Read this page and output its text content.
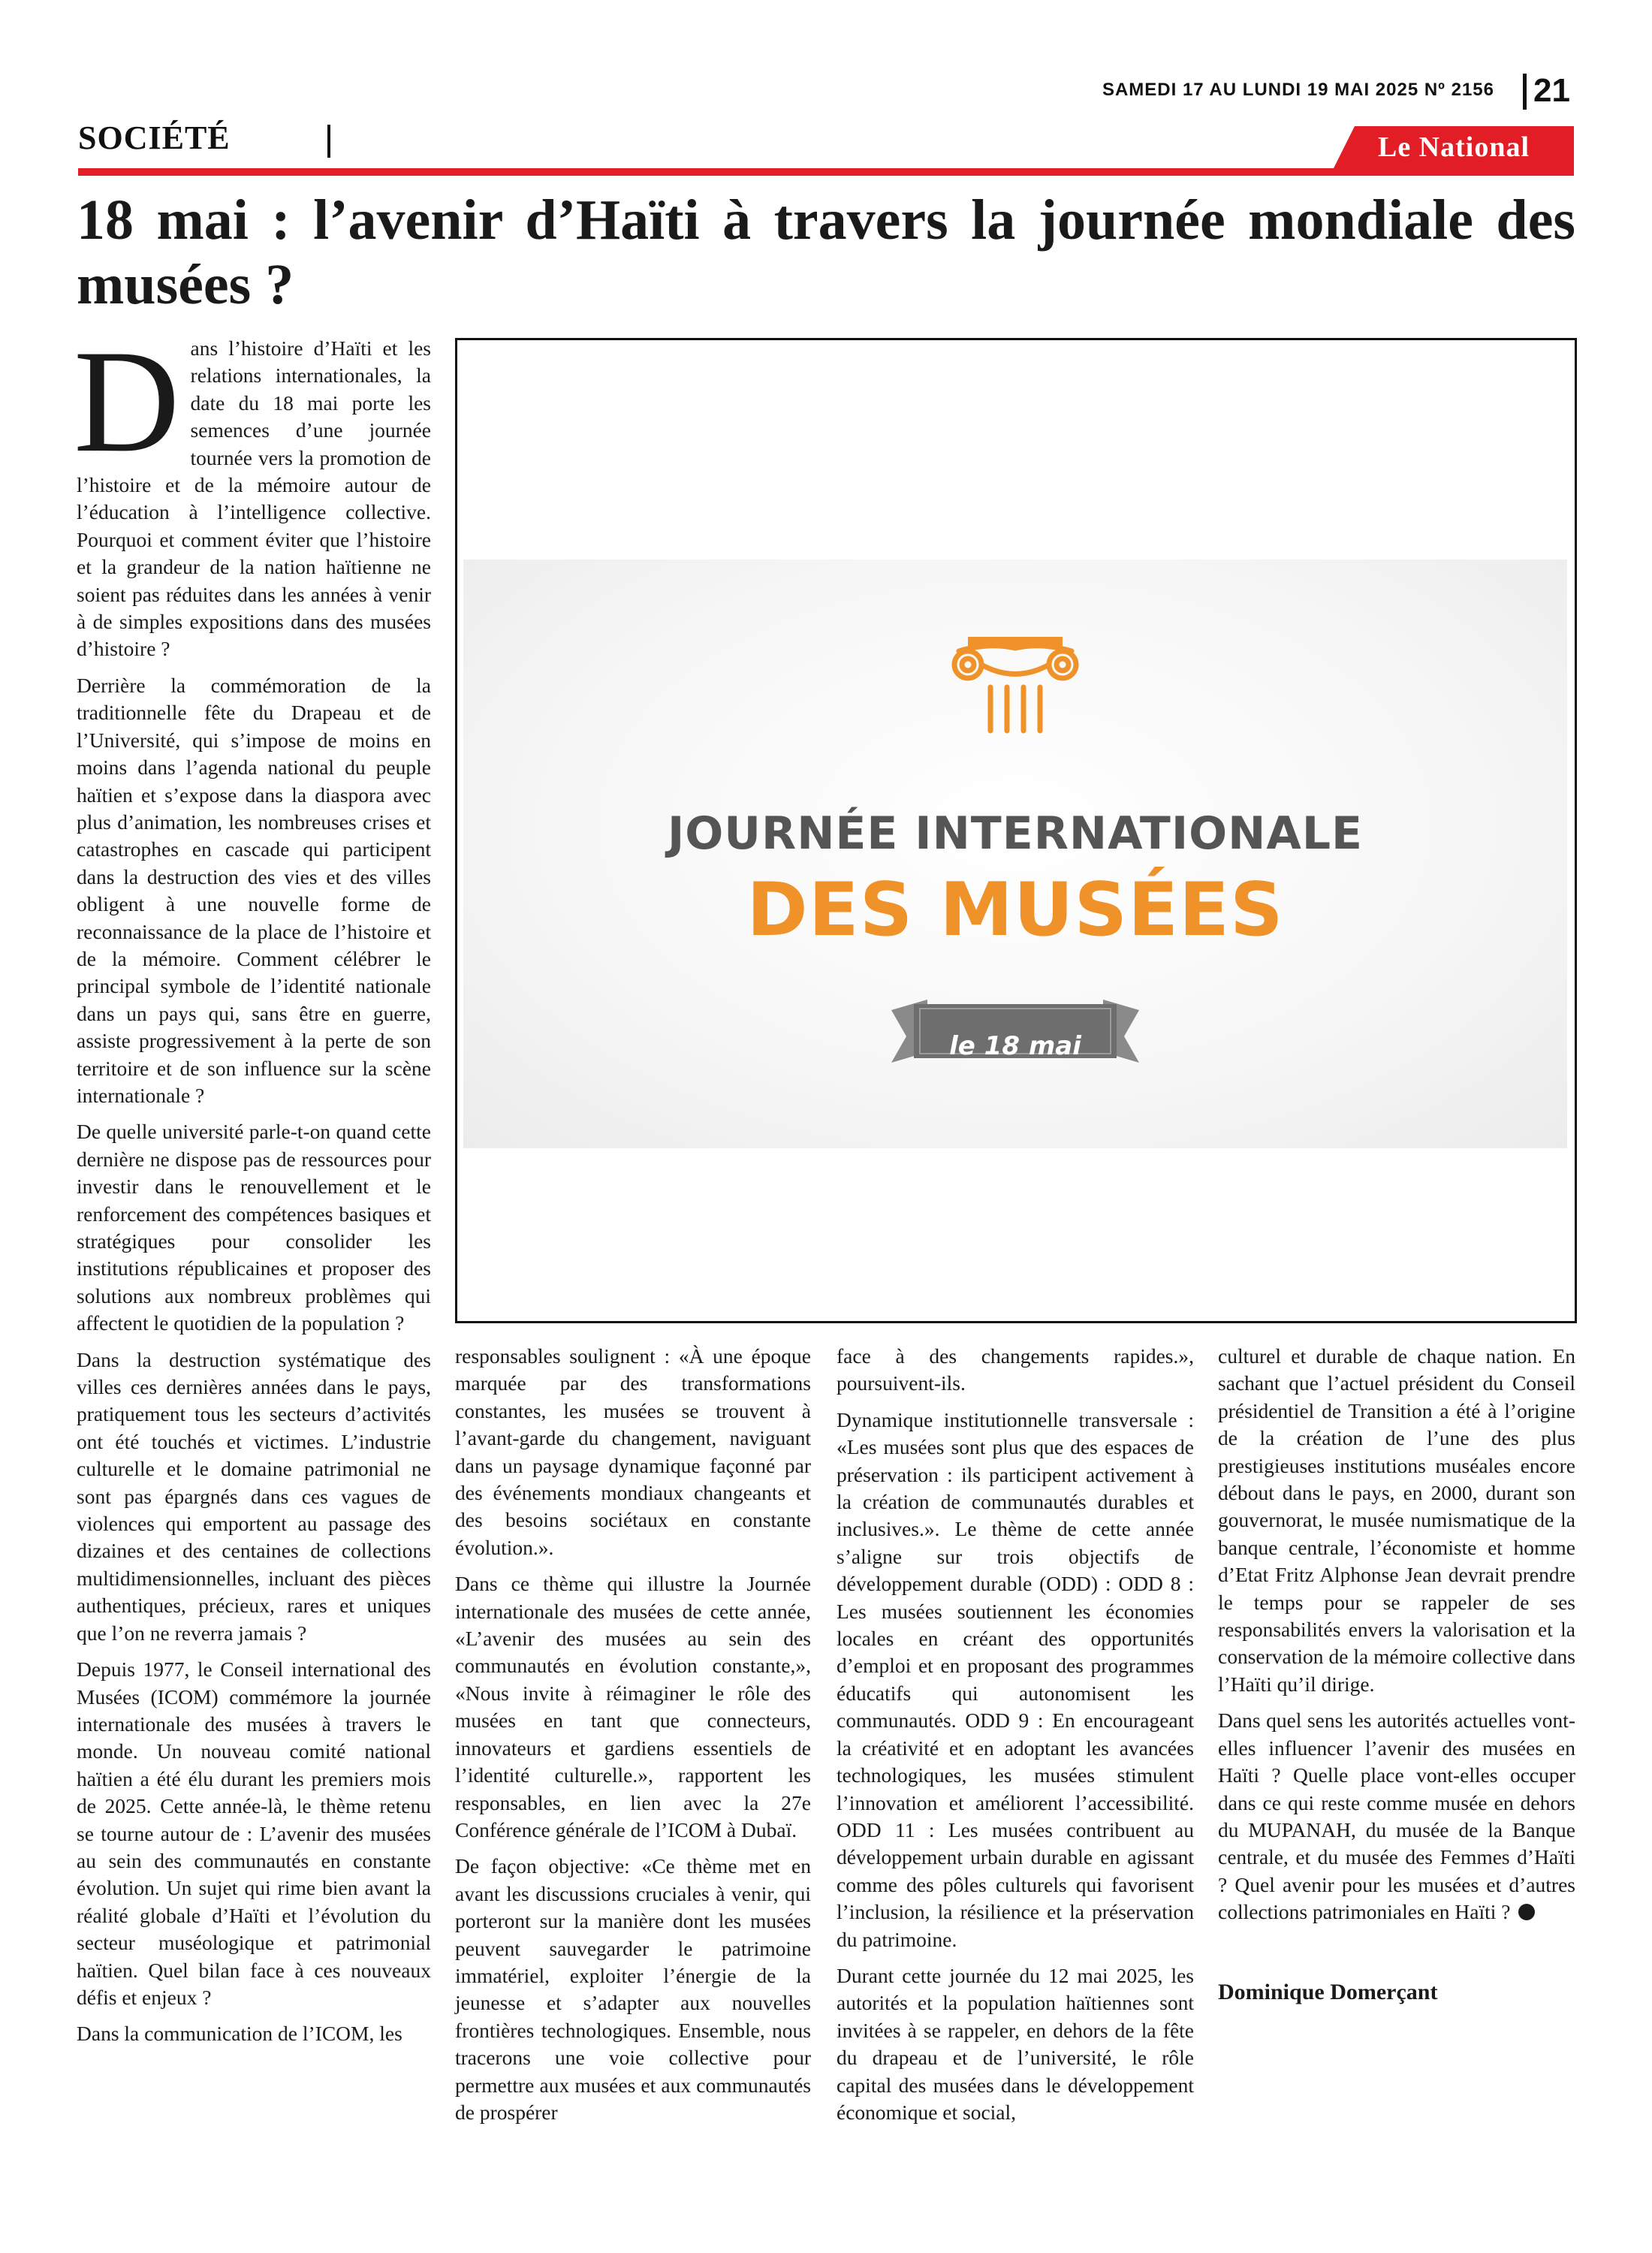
SAMEDI 17 AU LUNDI 19 MAI 2025 Nº 2156 21
SOCIÉTÉ	Le National
18 mai : l’avenir d’Haïti à travers la journée mondiale des musées ?

Dans l’histoire d’Haïti et les relations internationales, la date du 18 mai porte les semences d’une journée tournée vers la promotion de l’histoire et de la mémoire autour de l’éducation à l’intelligence collective. Pourquoi et comment éviter que l’histoire et la grandeur de la nation haïtienne ne soient pas réduites dans les années à venir à de simples expositions dans des musées d’histoire ?

Derrière la commémoration de la traditionnelle fête du Drapeau et de l’Université, qui s’impose de moins en moins dans l’agenda national du peuple haïtien et s’expose dans la diaspora avec plus d’animation, les nombreuses crises et catastrophes en cascade qui participent dans la destruction des vies et des villes obligent à une nouvelle forme de reconnaissance de la place de l’histoire et de la mémoire. Comment célébrer le principal symbole de l’identité nationale dans un pays qui, sans être en guerre, assiste progressivement à la perte de son territoire et de son influence sur la scène internationale ?

De quelle université parle-t-on quand cette dernière ne dispose pas de ressources pour investir dans le renouvellement et le renforcement des compétences basiques et stratégiques pour consolider les institutions républicaines et proposer des solutions aux nombreux problèmes qui affectent le quotidien de la population ?

Dans la destruction systématique des villes ces dernières années dans le pays, pratiquement tous les secteurs d’activités ont été touchés et victimes. L’industrie culturelle et le domaine patrimonial ne sont pas épargnés dans ces vagues de violences qui emportent au passage des dizaines et des centaines de collections multidimensionnelles, incluant des pièces authentiques, précieux, rares et uniques que l’on ne reverra jamais ?

Depuis 1977, le Conseil international des Musées (ICOM) commémore la journée internationale des musées à travers le monde. Un nouveau comité national haïtien a été élu durant les premiers mois de 2025. Cette année-là, le thème retenu se tourne autour de : L’avenir des musées au sein des communautés en constante évolution. Un sujet qui rime bien avant la réalité globale d’Haïti et l’évolution du secteur muséologique et patrimonial haïtien. Quel bilan face à ces nouveaux défis et enjeux ?

Dans la communication de l’ICOM, les

JOURNÉE INTERNATIONALE
DES MUSÉES
le 18 mai

responsables soulignent : «À une époque marquée par des transformations constantes, les musées se trouvent à l’avant-garde du changement, naviguant dans un paysage dynamique façonné par des événements mondiaux changeants et des besoins sociétaux en constante évolution.».

Dans ce thème qui illustre la Journée internationale des musées de cette année, «L’avenir des musées au sein des communautés en évolution constante,», «Nous invite à réimaginer le rôle des musées en tant que connecteurs, innovateurs et gardiens essentiels de l’identité culturelle.», rapportent les responsables, en lien avec la 27e Conférence générale de l’ICOM à Dubaï.

De façon objective: «Ce thème met en avant les discussions cruciales à venir, qui porteront sur la manière dont les musées peuvent sauvegarder le patrimoine immatériel, exploiter l’énergie de la jeunesse et s’adapter aux nouvelles frontières technologiques. Ensemble, nous tracerons une voie collective pour permettre aux musées et aux communautés de prospérer

face à des changements rapides.», poursuivent-ils.

Dynamique institutionnelle transversale : «Les musées sont plus que des espaces de préservation : ils participent activement à la création de communautés durables et inclusives.». Le thème de cette année s’aligne sur trois objectifs de développement durable (ODD) : ODD 8 : Les musées soutiennent les économies locales en créant des opportunités d’emploi et en proposant des programmes éducatifs qui autonomisent les communautés. ODD 9 : En encourageant la créativité et en adoptant les avancées technologiques, les musées stimulent l’innovation et améliorent l’accessibilité. ODD 11 : Les musées contribuent au développement urbain durable en agissant comme des pôles culturels qui favorisent l’inclusion, la résilience et la préservation du patrimoine.

Durant cette journée du 12 mai 2025, les autorités et la population haïtiennes sont invitées à se rappeler, en dehors de la fête du drapeau et de l’université, le rôle capital des musées dans le développement économique et social,

culturel et durable de chaque nation. En sachant que l’actuel président du Conseil présidentiel de Transition a été à l’origine de la création de l’une des plus prestigieuses institutions muséales encore débout dans le pays, en 2000, durant son gouvernorat, le musée numismatique de la banque centrale, l’économiste et homme d’Etat Fritz Alphonse Jean devrait prendre le temps pour se rappeler de ses responsabilités envers la valorisation et la conservation de la mémoire collective dans l’Haïti qu’il dirige.

Dans quel sens les autorités actuelles vont-elles influencer l’avenir des musées en Haïti ? Quelle place vont-elles occuper dans ce qui reste comme musée en dehors du MUPANAH, du musée de la Banque centrale, et du musée des Femmes d’Haïti ? Quel avenir pour les musées et d’autres collections patrimoniales en Haïti ?

Dominique Domerçant
